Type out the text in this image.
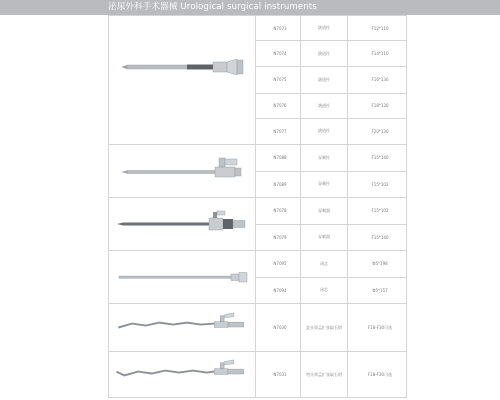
泌尿外科手术器械 Urological surgical instruments
	N7073	滚道针	F12*110
	N7074	滚道针	F14*110
	N7075	滚道针	F16*130
	N7076	滚道针	F18*130
	N7077	滚道针	F20*130

	N7088	穿刺针	F15*140
	N7089	穿刺针	F15*102

	N7078	穿刺器	F15*102
	N7079	穿刺器	F15*140

	N7095	闭芯	Φ5*198
	N7094	闭芯	Φ5*157

	N7030	直头肾盂扩张取石钳	F18-F30可选

	N7031	弯头肾盂扩张取石钳	F18-F30可选
